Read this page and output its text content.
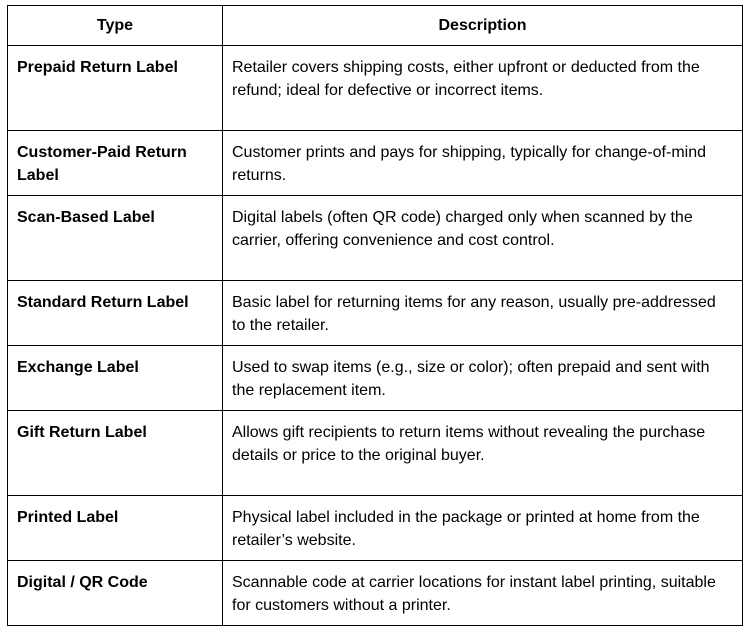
Type	Description
Prepaid Return Label	Retailer covers shipping costs, either upfront or deducted from the refund; ideal for defective or incorrect items.
Customer-Paid Return Label	Customer prints and pays for shipping, typically for change-of-mind returns.
Scan-Based Label	Digital labels (often QR code) charged only when scanned by the carrier, offering convenience and cost control.
Standard Return Label	Basic label for returning items for any reason, usually pre-addressed to the retailer.
Exchange Label	Used to swap items (e.g., size or color); often prepaid and sent with the replacement item.
Gift Return Label	Allows gift recipients to return items without revealing the purchase details or price to the original buyer.
Printed Label	Physical label included in the package or printed at home from the retailer’s website.
Digital / QR Code	Scannable code at carrier locations for instant label printing, suitable for customers without a printer.
